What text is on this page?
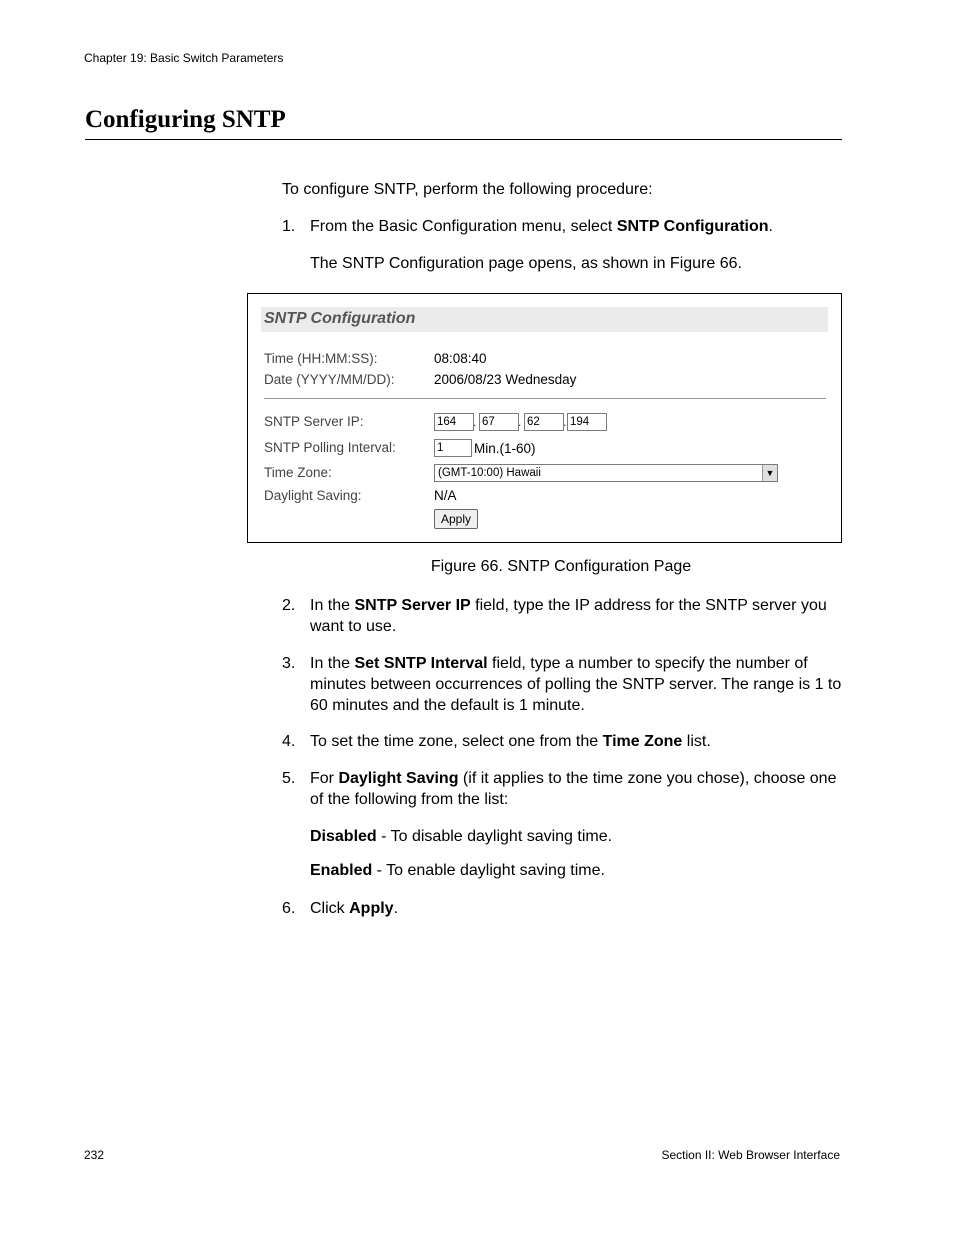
Chapter 19: Basic Switch Parameters
Configuring SNTP
To configure SNTP, perform the following procedure:
1. From the Basic Configuration menu, select SNTP Configuration.
The SNTP Configuration page opens, as shown in Figure 66.
SNTP Configuration
Time (HH:MM:SS):	08:08:40
Date (YYYY/MM/DD):	2006/08/23 Wednesday
SNTP Server IP:	164	. 67	. 62	. 194
SNTP Polling Interval:	1	Min.(1-60)
Time Zone:	(GMT-10:00) Hawaii	▼
Daylight Saving:	N/A
Apply
Figure 66. SNTP Configuration Page
2. In the SNTP Server IP field, type the IP address for the SNTP server you want to use.
3. In the Set SNTP Interval field, type a number to specify the number of minutes between occurrences of polling the SNTP server. The range is 1 to 60 minutes and the default is 1 minute.
4. To set the time zone, select one from the Time Zone list.
5. For Daylight Saving (if it applies to the time zone you chose), choose one of the following from the list:
Disabled - To disable daylight saving time.
Enabled - To enable daylight saving time.
6. Click Apply.
232	Section II: Web Browser Interface
